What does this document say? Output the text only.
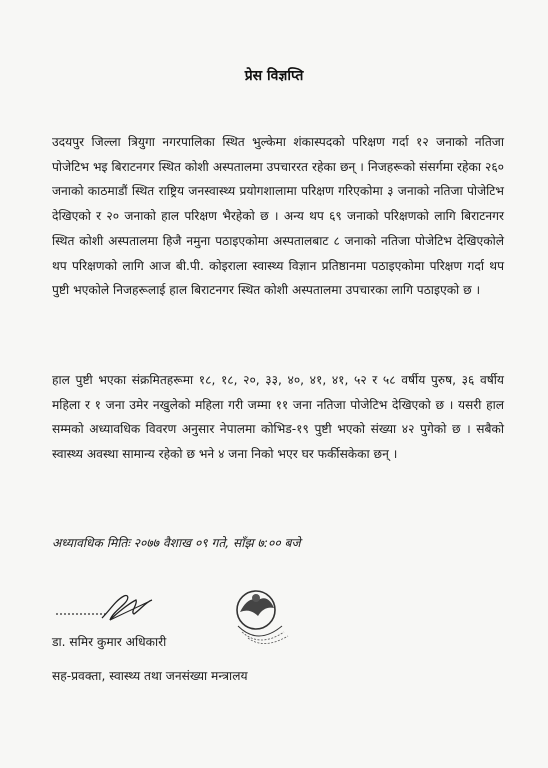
प्रेस विज्ञप्ति

उदयपुर जिल्ला त्रियुगा नगरपालिका स्थित भुल्केमा शंकास्पदको परिक्षण गर्दा १२ जनाको नतिजा पोजेटिभ भइ बिराटनगर स्थित कोशी अस्पतालमा उपचाररत रहेका छन् । निजहरूको संसर्गमा रहेका २६० जनाको काठमाडौं स्थित राष्ट्रिय जनस्वास्थ्य प्रयोगशालामा परिक्षण गरिएकोमा ३ जनाको नतिजा पोजेटिभ देखिएको र २० जनाको हाल परिक्षण भैरहेको छ । अन्य थप ६९ जनाको परिक्षणको लागि बिराटनगर स्थित कोशी अस्पतालमा हिजै नमुना पठाइएकोमा अस्पतालबाट ८ जनाको नतिजा पोजेटिभ देखिएकोले थप परिक्षणको लागि आज बी.पी. कोइराला स्वास्थ्य विज्ञान प्रतिष्ठानमा पठाइएकोमा परिक्षण गर्दा थप पुष्टी भएकोले निजहरूलाई हाल बिराटनगर स्थित कोशी अस्पतालमा उपचारका लागि पठाइएको छ ।

हाल पुष्टी भएका संक्रमितहरूमा १८, १८, २०, ३३, ४०, ४१, ४१, ५२ र ५८ वर्षीय पुरुष, ३६ वर्षीय महिला र १ जना उमेर नखुलेको महिला गरी जम्मा ११ जना नतिजा पोजेटिभ देखिएको छ । यसरी हाल सम्मको अध्यावधिक विवरण अनुसार नेपालमा कोभिड-१९ पुष्टी भएको संख्या ४२ पुगेको छ । सबैको स्वास्थ्य अवस्था सामान्य रहेको छ भने ४ जना निको भएर घर फर्कीसकेका छन् ।

अध्यावधिक मितिः २०७७ वैशाख ०९ गते, साँझ ७:०० बजे
डा. समिर कुमार अधिकारी
सह-प्रवक्ता, स्वास्थ्य तथा जनसंख्या मन्त्रालय
